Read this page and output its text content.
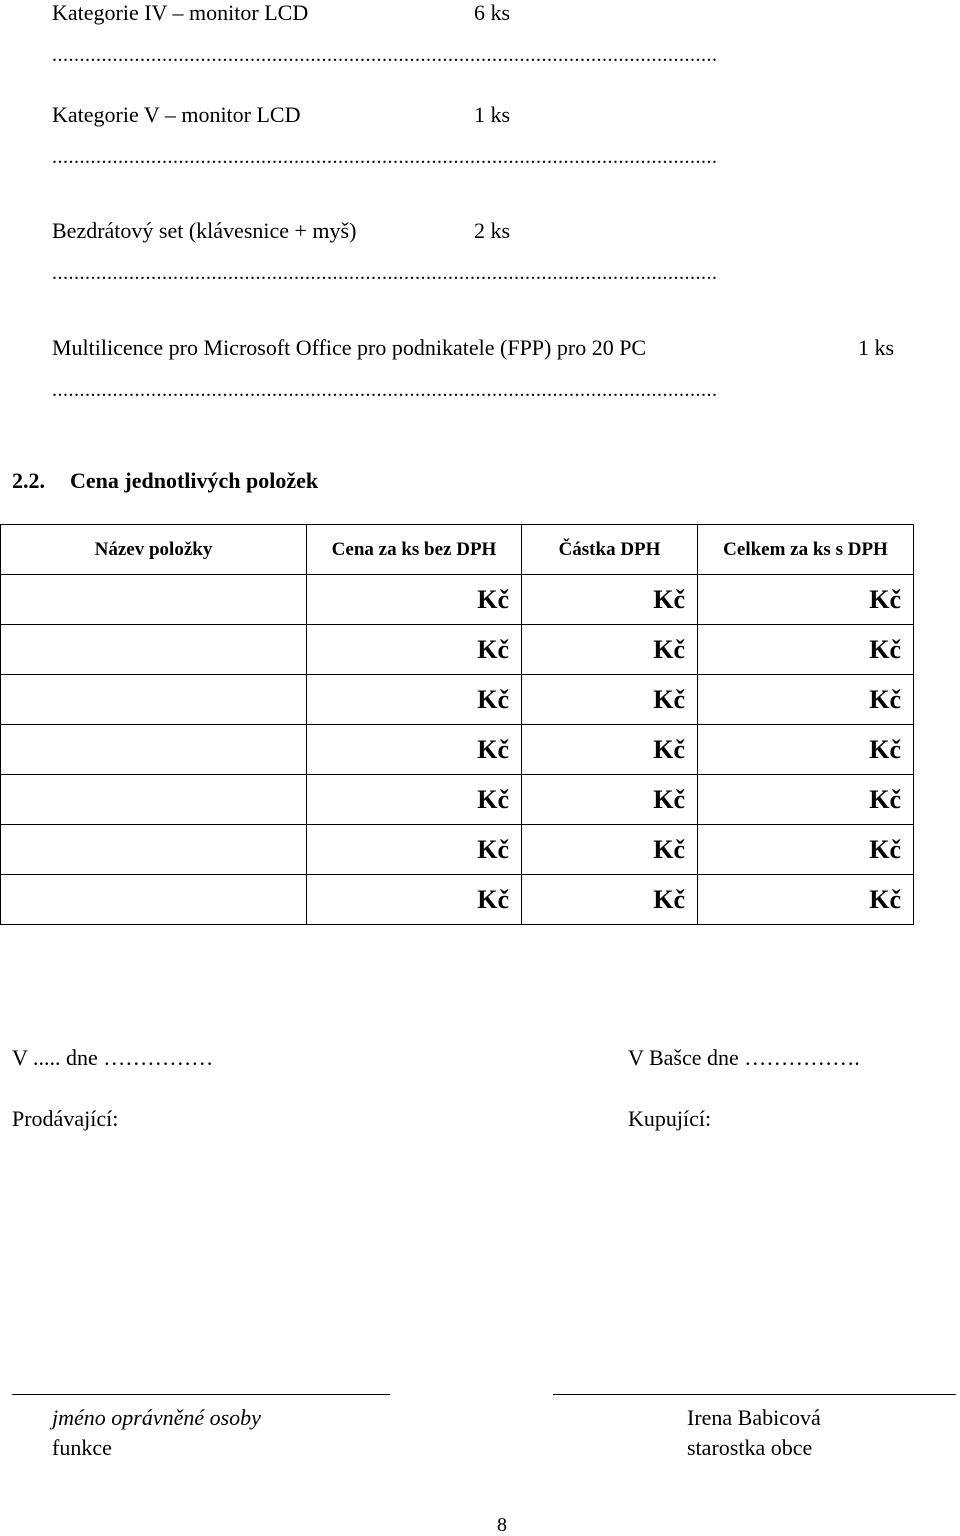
Kategorie IV – monitor LCD	6 ks
.........................................................................................................................
Kategorie V – monitor LCD	1 ks
.........................................................................................................................
Bezdrátový set (klávesnice + myš)	2 ks
.........................................................................................................................
Multilicence pro Microsoft Office pro podnikatele (FPP) pro 20 PC	1 ks
.........................................................................................................................
2.2. Cena jednotlivých položek
Název položky	Cena za ks bez DPH	Částka DPH	Celkem za ks s DPH
	Kč	Kč	Kč
	Kč	Kč	Kč
	Kč	Kč	Kč
	Kč	Kč	Kč
	Kč	Kč	Kč
	Kč	Kč	Kč
	Kč	Kč	Kč
V ..... dne ……………	V Bašce dne …………….
Prodávající:	Kupující:
jméno oprávněné osoby
funkce
Irena Babicová
starostka obce
8
